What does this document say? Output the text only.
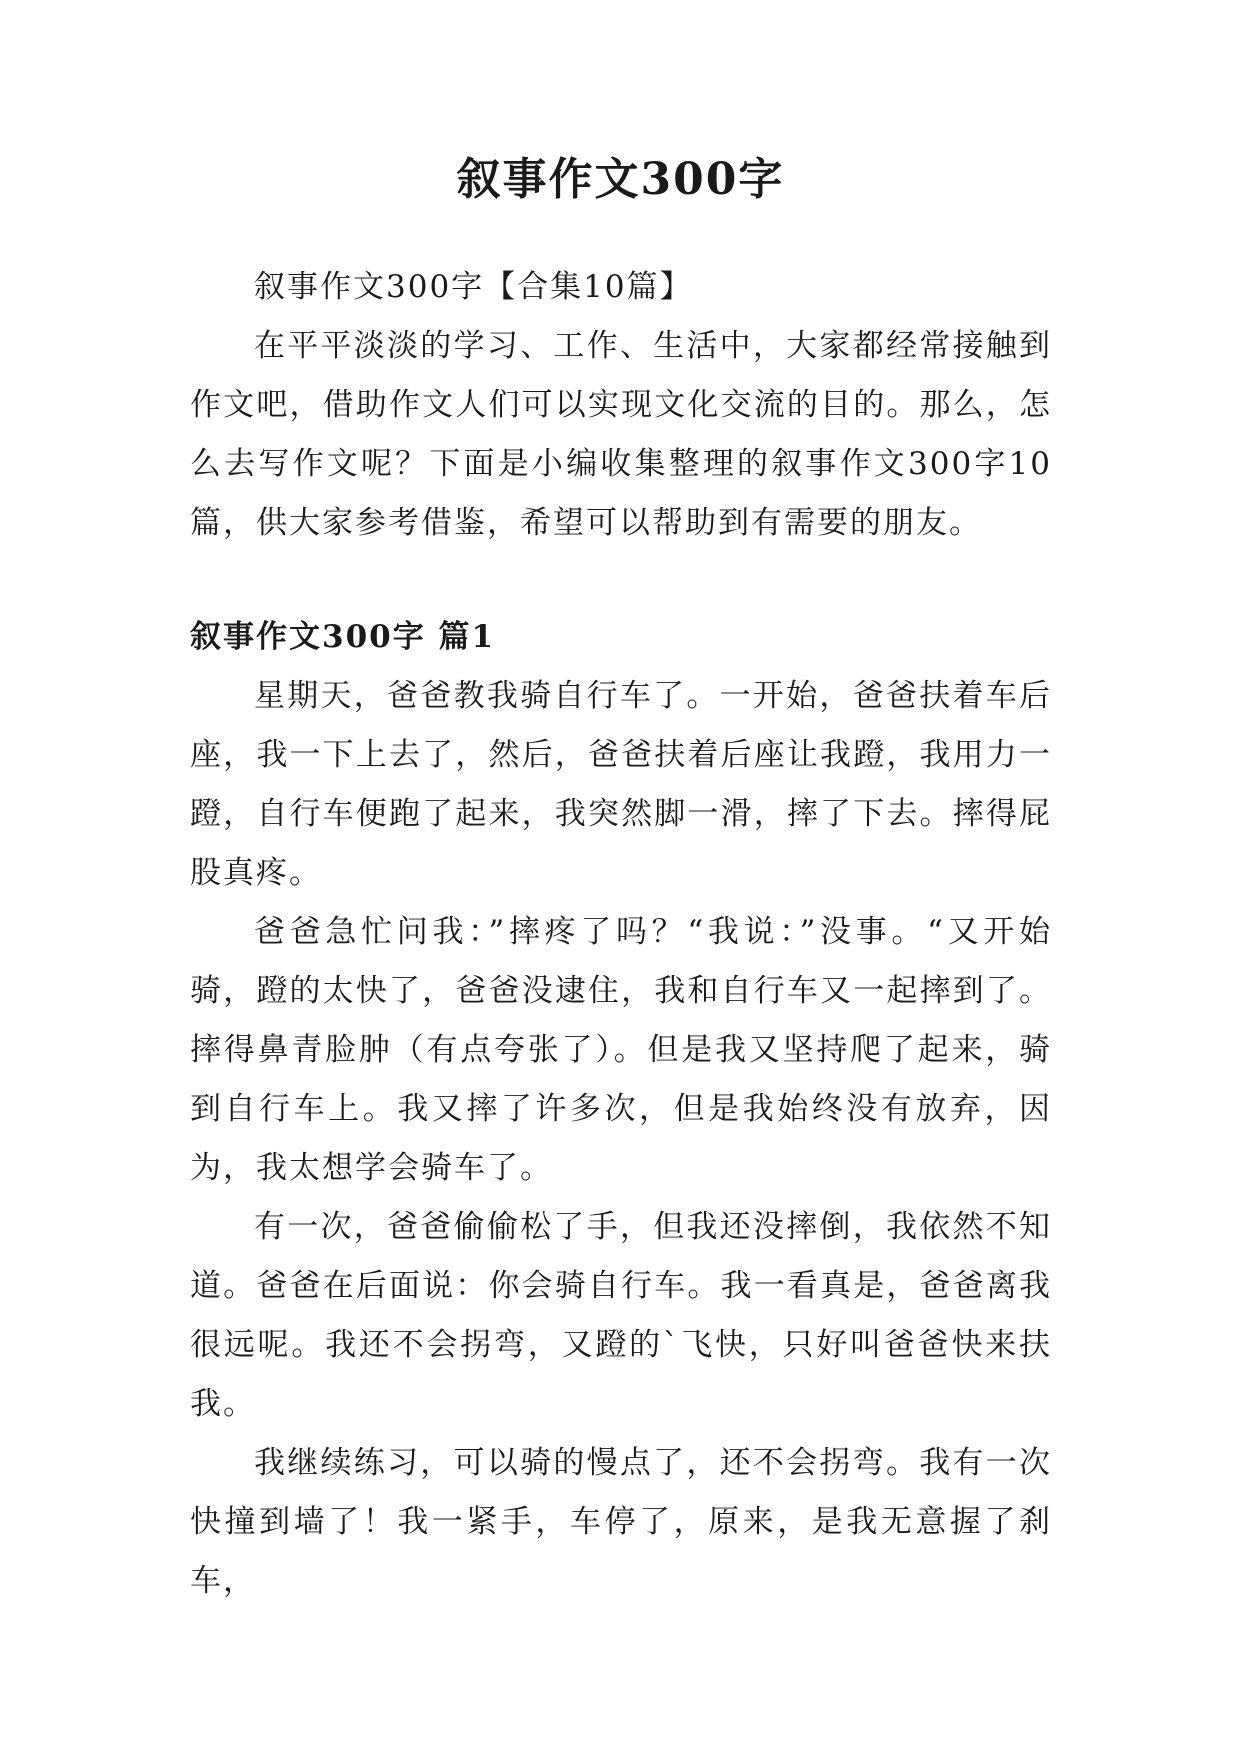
叙事作文300字

叙事作文300字【合集10篇】

在平平淡淡的学习、工作、生活中，大家都经常接触到作文吧，借助作文人们可以实现文化交流的目的。那么，怎么去写作文呢？下面是小编收集整理的叙事作文300字10篇，供大家参考借鉴，希望可以帮助到有需要的朋友。

叙事作文300字 篇1

星期天，爸爸教我骑自行车了。一开始，爸爸扶着车后座，我一下上去了，然后，爸爸扶着后座让我蹬，我用力一蹬，自行车便跑了起来，我突然脚一滑，摔了下去。摔得屁股真疼。

爸爸急忙问我：”摔疼了吗？“我说：”没事。“又开始骑，蹬的太快了，爸爸没逮住，我和自行车又一起摔到了。摔得鼻青脸肿（有点夸张了）。但是我又坚持爬了起来，骑到自行车上。我又摔了许多次，但是我始终没有放弃，因为，我太想学会骑车了。

有一次，爸爸偷偷松了手，但我还没摔倒，我依然不知道。爸爸在后面说：你会骑自行车。我一看真是，爸爸离我很远呢。我还不会拐弯，又蹬的`飞快，只好叫爸爸快来扶我。

我继续练习，可以骑的慢点了，还不会拐弯。我有一次快撞到墙了！我一紧手，车停了，原来，是我无意握了刹车，
